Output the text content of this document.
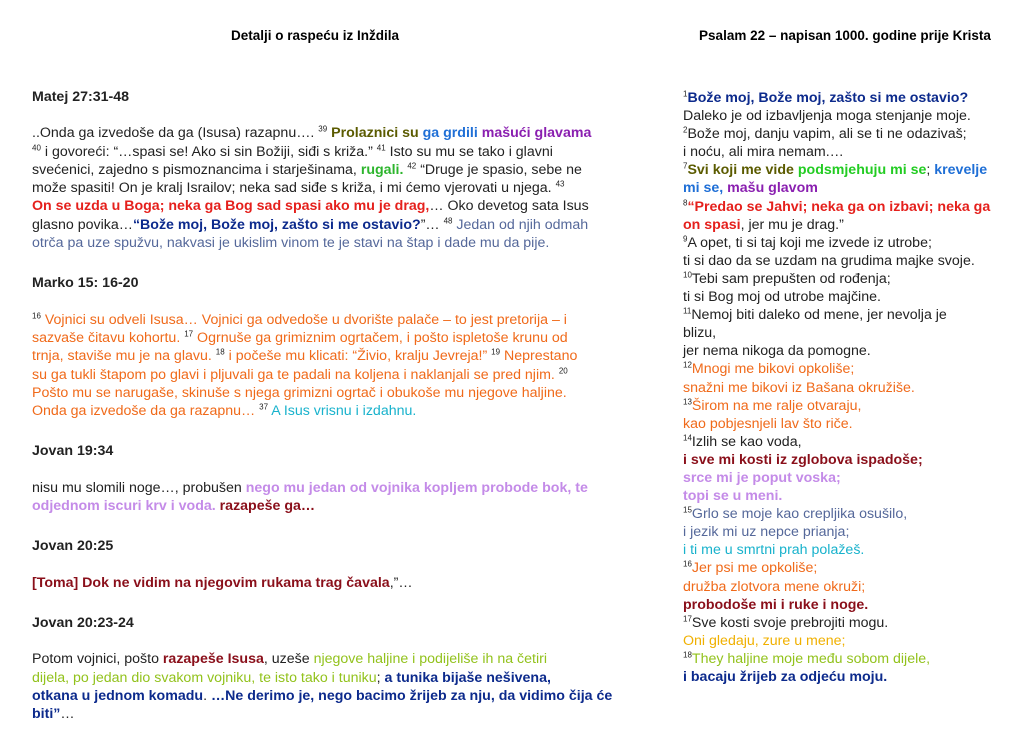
Detalji o raspeću iz Inždila	Psalam 22 – napisan 1000. godine prije Krista

Matej 27:31-48

..Onda ga izvedoše da ga (Isusa) razapnu…. $^{39}$ Prolaznici su ga grdili mašući glavama
$^{40}$ i govoreći: “…spasi se! Ako si sin Božiji, siđi s križa.” $^{41}$ Isto su mu se tako i glavni
svećenici, zajedno s pismoznancima i starješinama, rugali. $^{42}$ “Druge je spasio, sebe ne
može spasiti! On je kralj Israilov; neka sad siđe s križa, i mi ćemo vjerovati u njega. $^{43}$
On se uzda u Boga; neka ga Bog sad spasi ako mu je drag,… Oko devetog sata Isus
glasno povika…“Bože moj, Bože moj, zašto si me ostavio?”… $^{48}$ Jedan od njih odmah
otrča pa uze spužvu, nakvasi je ukislim vinom te je stavi na štap i dade mu da pije.

Marko 15: 16-20

$^{16}$ Vojnici su odveli Isusa… Vojnici ga odvedoše u dvorište palače – to jest pretorija – i
sazvaše čitavu kohortu. $^{17}$ Ogrnuše ga grimiznim ogrtačem, i pošto ispletoše krunu od
trnja, staviše mu je na glavu. $^{18}$ i počeše mu klicati: “Živio, kralju Jevreja!” $^{19}$ Neprestano
su ga tukli štapom po glavi i pljuvali ga te padali na koljena i naklanjali se pred njim. $^{20}$
Pošto mu se narugaše, skinuše s njega grimizni ogrtač i obukoše mu njegove haljine.
Onda ga izvedoše da ga razapnu… $^{37}$ A Isus vrisnu i izdahnu.

Jovan 19:34

nisu mu slomili noge…, probušen nego mu jedan od vojnika kopljem probode bok, te
odjednom iscuri krv i voda. razapeše ga…

Jovan 20:25

[Toma] Dok ne vidim na njegovim rukama trag čavala,”…

Jovan 20:23-24

Potom vojnici, pošto razapeše Isusa, uzeše njegove haljine i podijeliše ih na četiri
dijela, po jedan dio svakom vojniku, te isto tako i tuniku; a tunika bijaše nešivena,
otkana u jednom komadu. …Ne derimo je, nego bacimo žrijeb za nju, da vidimo čija će
biti”…

$^1$Bože moj, Bože moj, zašto si me ostavio?
Daleko je od izbavljenja moga stenjanje moje.
$^2$Bože moj, danju vapim, ali se ti ne odazivaš;
i noću, ali mira nemam.…
$^7$Svi koji me vide podsmjehuju mi se; krevelje
mi se, mašu glavom
$^8$“Predao se Jahvi; neka ga on izbavi; neka ga
on spasi, jer mu je drag.”
$^9$A opet, ti si taj koji me izvede iz utrobe;
ti si dao da se uzdam na grudima majke svoje.
$^{10}$Tebi sam prepušten od rođenja;
ti si Bog moj od utrobe majčine.
$^{11}$Nemoj biti daleko od mene, jer nevolja je
blizu,
jer nema nikoga da pomogne.
$^{12}$Mnogi me bikovi opkoliše;
snažni me bikovi iz Bašana okružiše.
$^{13}$Širom na me ralje otvaraju,
kao pobjesnjeli lav što riče.
$^{14}$Izlih se kao voda,
i sve mi kosti iz zglobova ispadoše;
srce mi je poput voska;
topi se u meni.
$^{15}$Grlo se moje kao crepljika osušilo,
i jezik mi uz nepce prianja;
i ti me u smrtni prah polažeš.
$^{16}$Jer psi me opkoliše;
družba zlotvora mene okruži;
probodoše mi i ruke i noge.
$^{17}$Sve kosti svoje prebrojiti mogu.
Oni gledaju, zure u mene;
$^{18}$They haljine moje među sobom dijele,
i bacaju žrijeb za odjeću moju.
